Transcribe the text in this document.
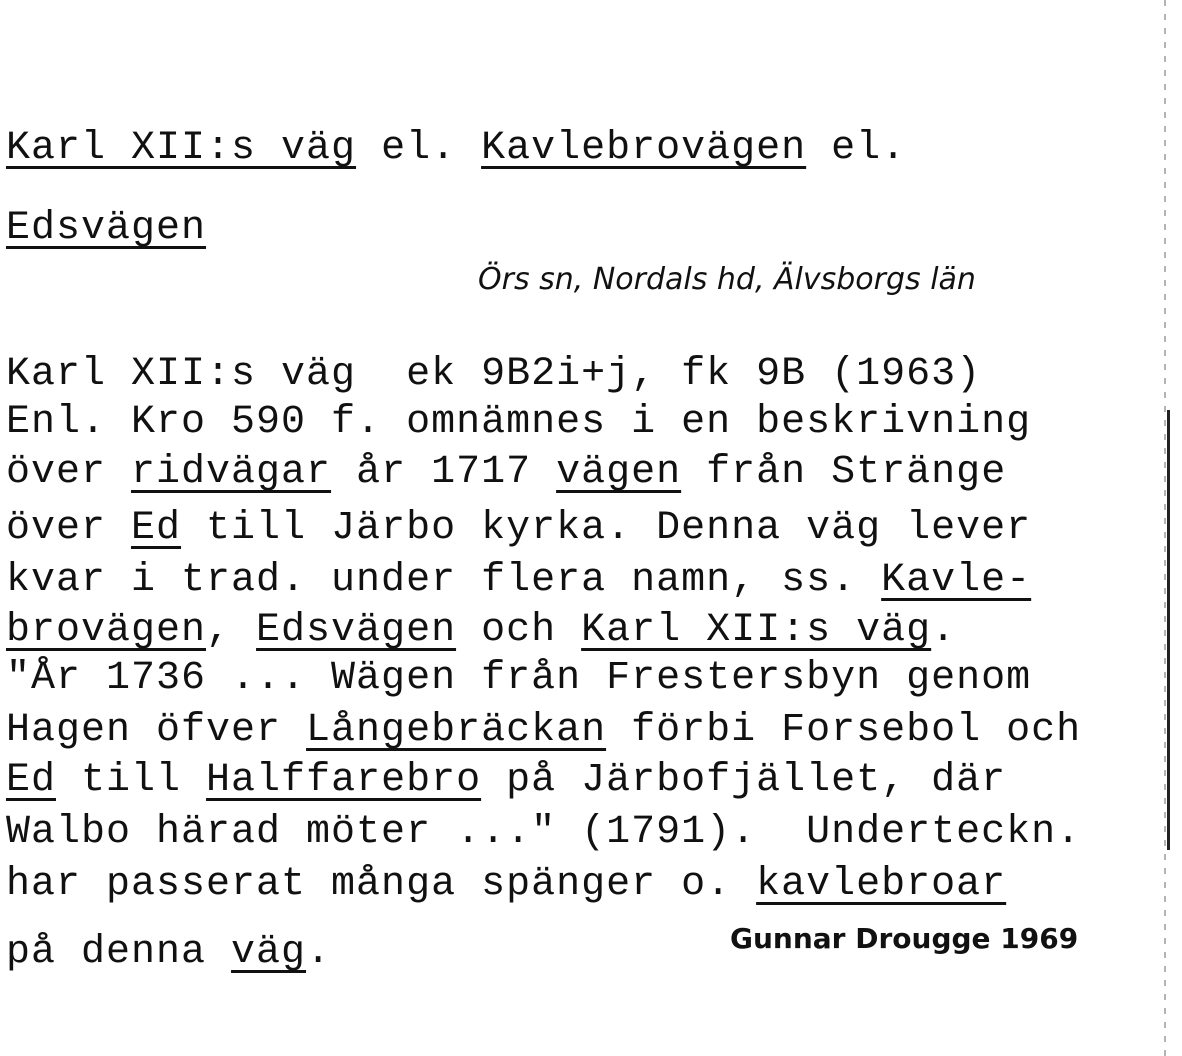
Karl XII:s väg el. Kavlebrovägen el.
Edsvägen
Örs sn, Nordals hd, Älvsborgs län
Karl XII:s väg  ek 9B2i+j, fk 9B (1963)
Enl. Kro 590 f. omnämnes i en beskrivning
över ridvägar år 1717 vägen från Stränge
över Ed till Järbo kyrka. Denna väg lever
kvar i trad. under flera namn, ss. Kavle-
brovägen, Edsvägen och Karl XII:s väg.
"År 1736 ... Wägen från Frestersbyn genom
Hagen öfver Långebräckan förbi Forsebol och
Ed till Halffarebro på Järbofjället, där
Walbo härad möter ..." (1791).  Underteckn.
har passerat många spänger o. kavlebroar
på denna väg.	Gunnar Drougge 1969
